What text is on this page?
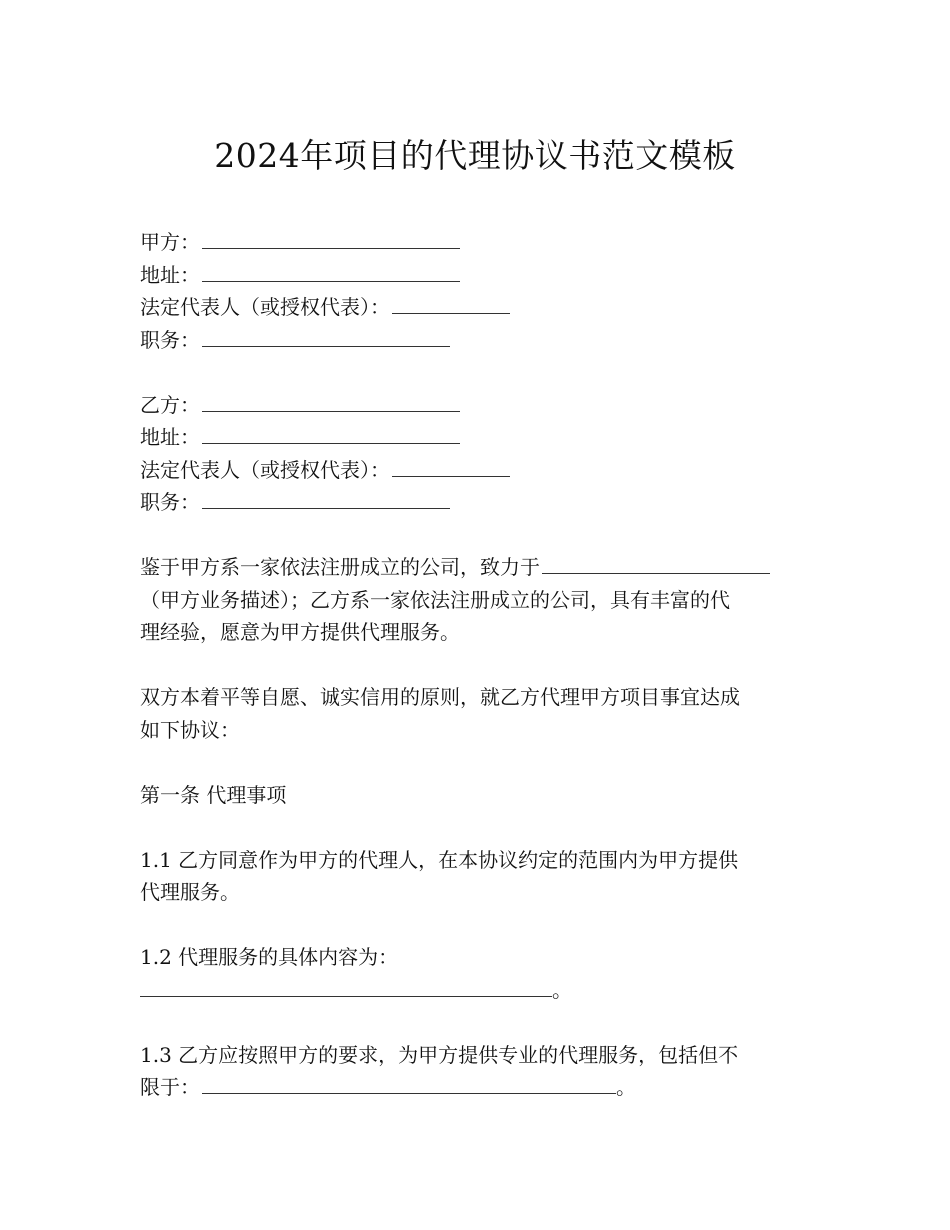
2024年项目的代理协议书范文模板
甲方：
地址：
法定代表人（或授权代表）：
职务：
乙方：
地址：
法定代表人（或授权代表）：
职务：
鉴于甲方系一家依法注册成立的公司，致力于
（甲方业务描述）；乙方系一家依法注册成立的公司，具有丰富的代
理经验，愿意为甲方提供代理服务。
双方本着平等自愿、诚实信用的原则，就乙方代理甲方项目事宜达成
如下协议：
第一条 代理事项
1.1 乙方同意作为甲方的代理人，在本协议约定的范围内为甲方提供
代理服务。
1.2 代理服务的具体内容为：
。
1.3 乙方应按照甲方的要求，为甲方提供专业的代理服务，包括但不
限于：	。
